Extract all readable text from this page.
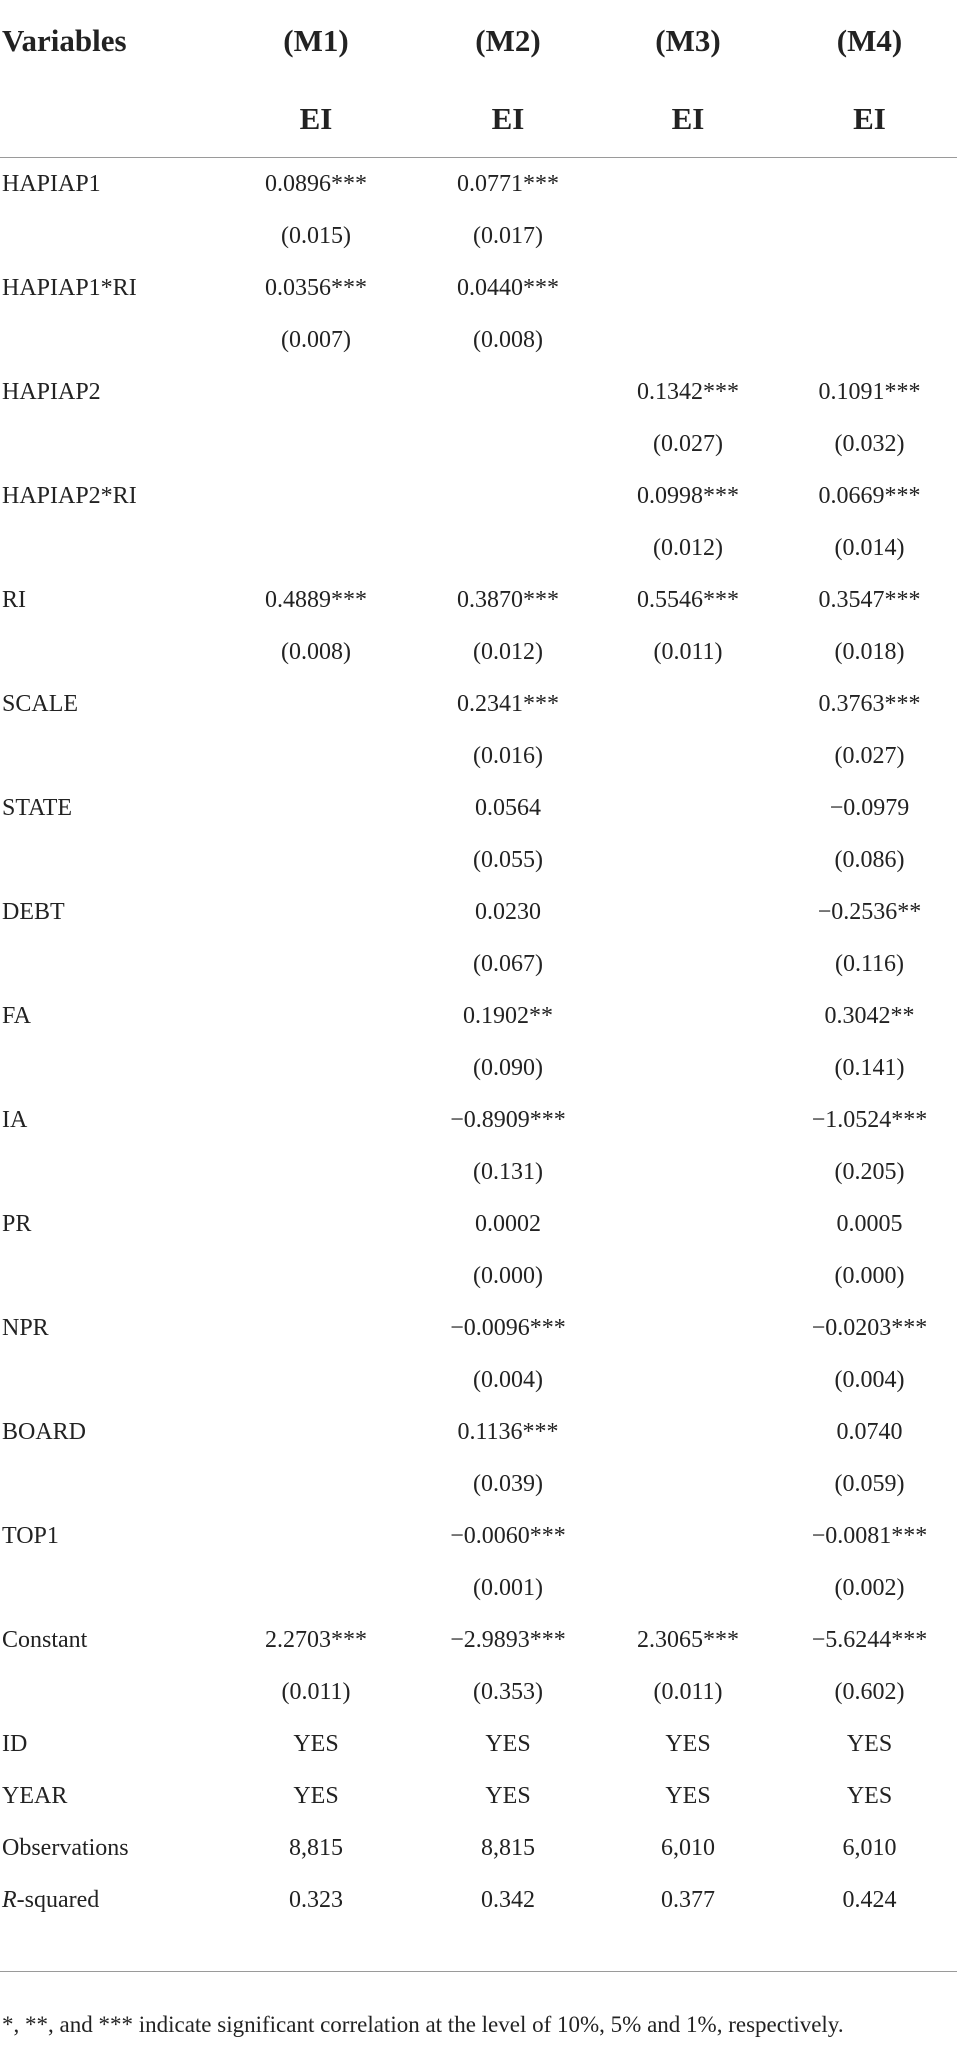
Variables	(M1)	(M2)	(M3)	(M4)
	EI	EI	EI	EI
HAPIAP1	0.0896***	0.0771***		
	(0.015)	(0.017)		
HAPIAP1*RI	0.0356***	0.0440***		
	(0.007)	(0.008)		
HAPIAP2			0.1342***	0.1091***
			(0.027)	(0.032)
HAPIAP2*RI			0.0998***	0.0669***
			(0.012)	(0.014)
RI	0.4889***	0.3870***	0.5546***	0.3547***
	(0.008)	(0.012)	(0.011)	(0.018)
SCALE		0.2341***		0.3763***
		(0.016)		(0.027)
STATE		0.0564		−0.0979
		(0.055)		(0.086)
DEBT		0.0230		−0.2536**
		(0.067)		(0.116)
FA		0.1902**		0.3042**
		(0.090)		(0.141)
IA		−0.8909***		−1.0524***
		(0.131)		(0.205)
PR		0.0002		0.0005
		(0.000)		(0.000)
NPR		−0.0096***		−0.0203***
		(0.004)		(0.004)
BOARD		0.1136***		0.0740
		(0.039)		(0.059)
TOP1		−0.0060***		−0.0081***
		(0.001)		(0.002)
Constant	2.2703***	−2.9893***	2.3065***	−5.6244***
	(0.011)	(0.353)	(0.011)	(0.602)
ID	YES	YES	YES	YES
YEAR	YES	YES	YES	YES
Observations	8,815	8,815	6,010	6,010
R-squared	0.323	0.342	0.377	0.424

*, **, and *** indicate significant correlation at the level of 10%, 5% and 1%, respectively.
